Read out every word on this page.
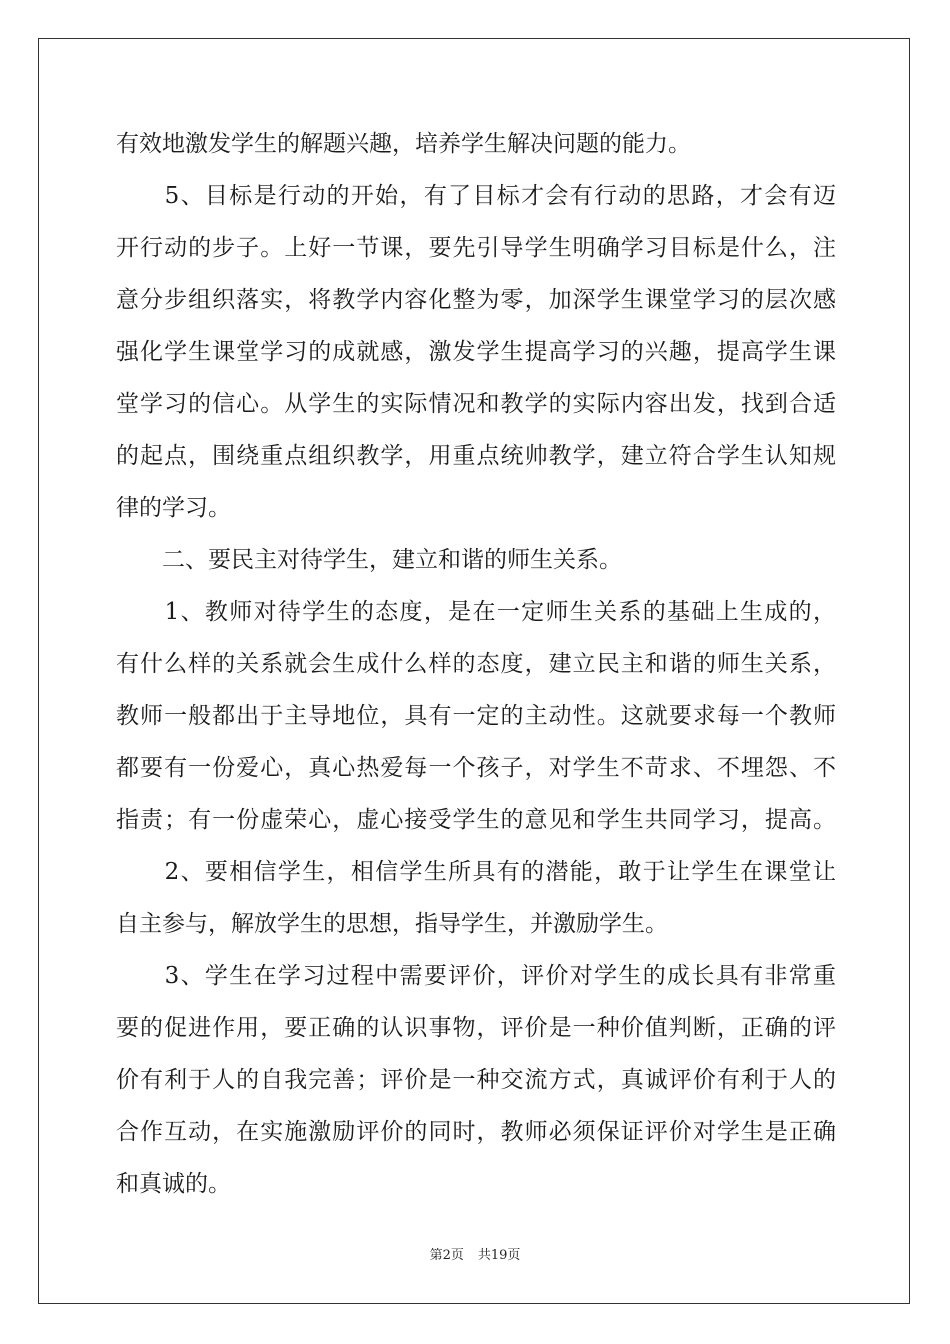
有效地激发学生的解题兴趣，培养学生解决问题的能力。
　　5、目标是行动的开始，有了目标才会有行动的思路，才会有迈
开行动的步子。上好一节课，要先引导学生明确学习目标是什么，注
意分步组织落实，将教学内容化整为零，加深学生课堂学习的层次感
强化学生课堂学习的成就感，激发学生提高学习的兴趣，提高学生课
堂学习的信心。从学生的实际情况和教学的实际内容出发，找到合适
的起点，围绕重点组织教学，用重点统帅教学，建立符合学生认知规
律的学习。
　　二、要民主对待学生，建立和谐的师生关系。
　　1、教师对待学生的态度，是在一定师生关系的基础上生成的，
有什么样的关系就会生成什么样的态度，建立民主和谐的师生关系，
教师一般都出于主导地位，具有一定的主动性。这就要求每一个教师
都要有一份爱心，真心热爱每一个孩子，对学生不苛求、不埋怨、不
指责；有一份虚荣心，虚心接受学生的意见和学生共同学习，提高。
　　2、要相信学生，相信学生所具有的潜能，敢于让学生在课堂让
自主参与，解放学生的思想，指导学生，并激励学生。
　　3、学生在学习过程中需要评价，评价对学生的成长具有非常重
要的促进作用，要正确的认识事物，评价是一种价值判断，正确的评
价有利于人的自我完善；评价是一种交流方式，真诚评价有利于人的
合作互动，在实施激励评价的同时，教师必须保证评价对学生是正确
和真诚的。
第2页 共19页
